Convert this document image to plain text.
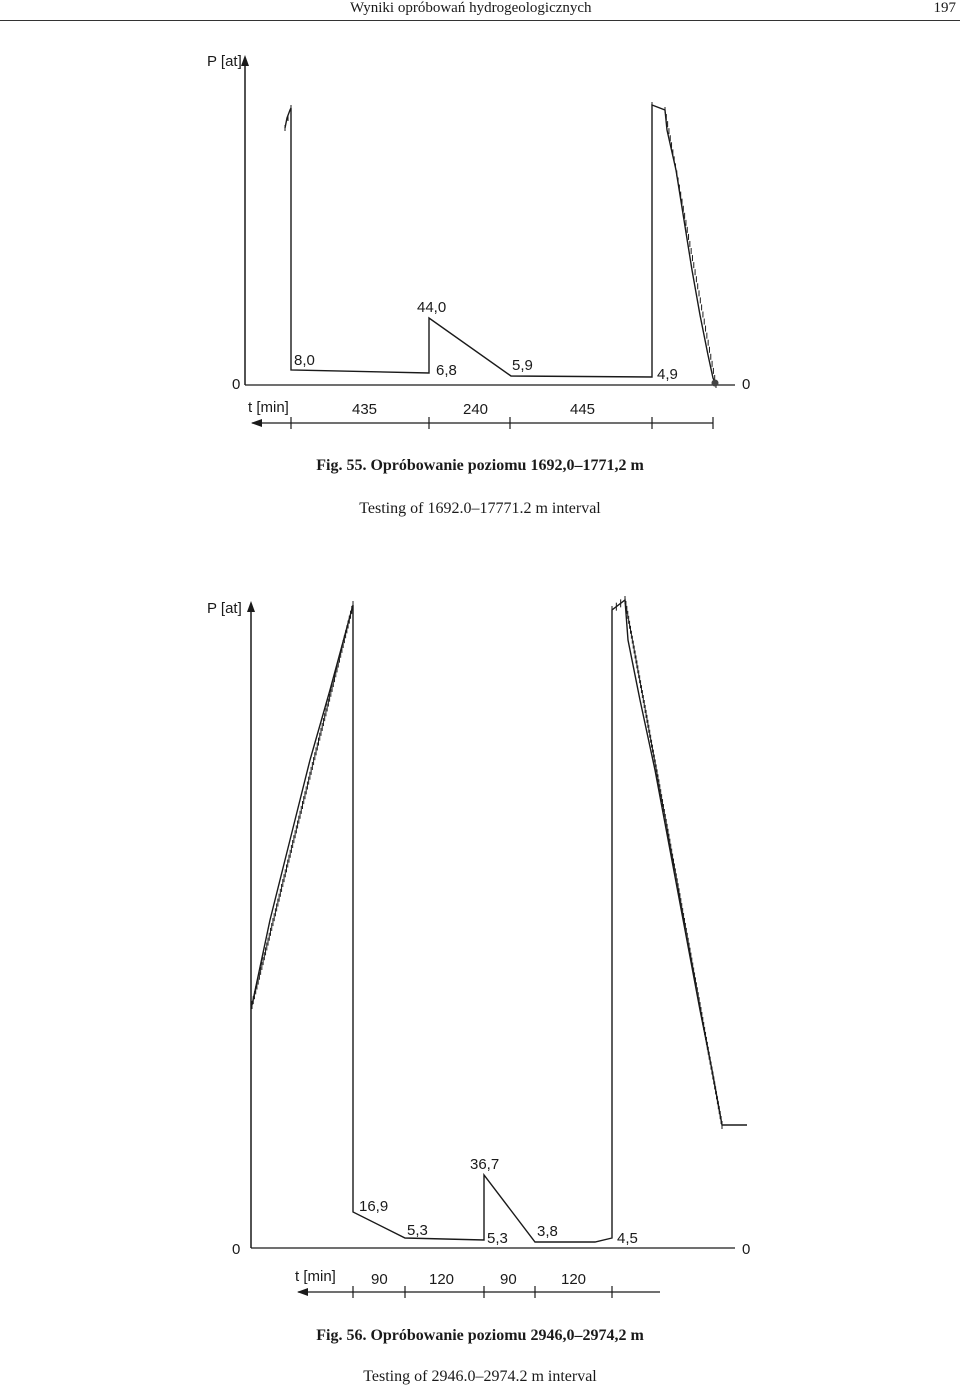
Wyniki opróbowań hydrogeologicznych	197
P [at]
0	0
8,0
6,8
44,0
5,9
4,9
t [min]	435	240	445
Fig. 55. Opróbowanie poziomu 1692,0–1771,2 m
Testing of 1692.0–17771.2 m interval
P [at]
0	0
16,9
5,3
36,7
5,3 3,8	4,5
t [min] 90	120	90	120
Fig. 56. Opróbowanie poziomu 2946,0–2974,2 m
Testing of 2946.0–2974.2 m interval
